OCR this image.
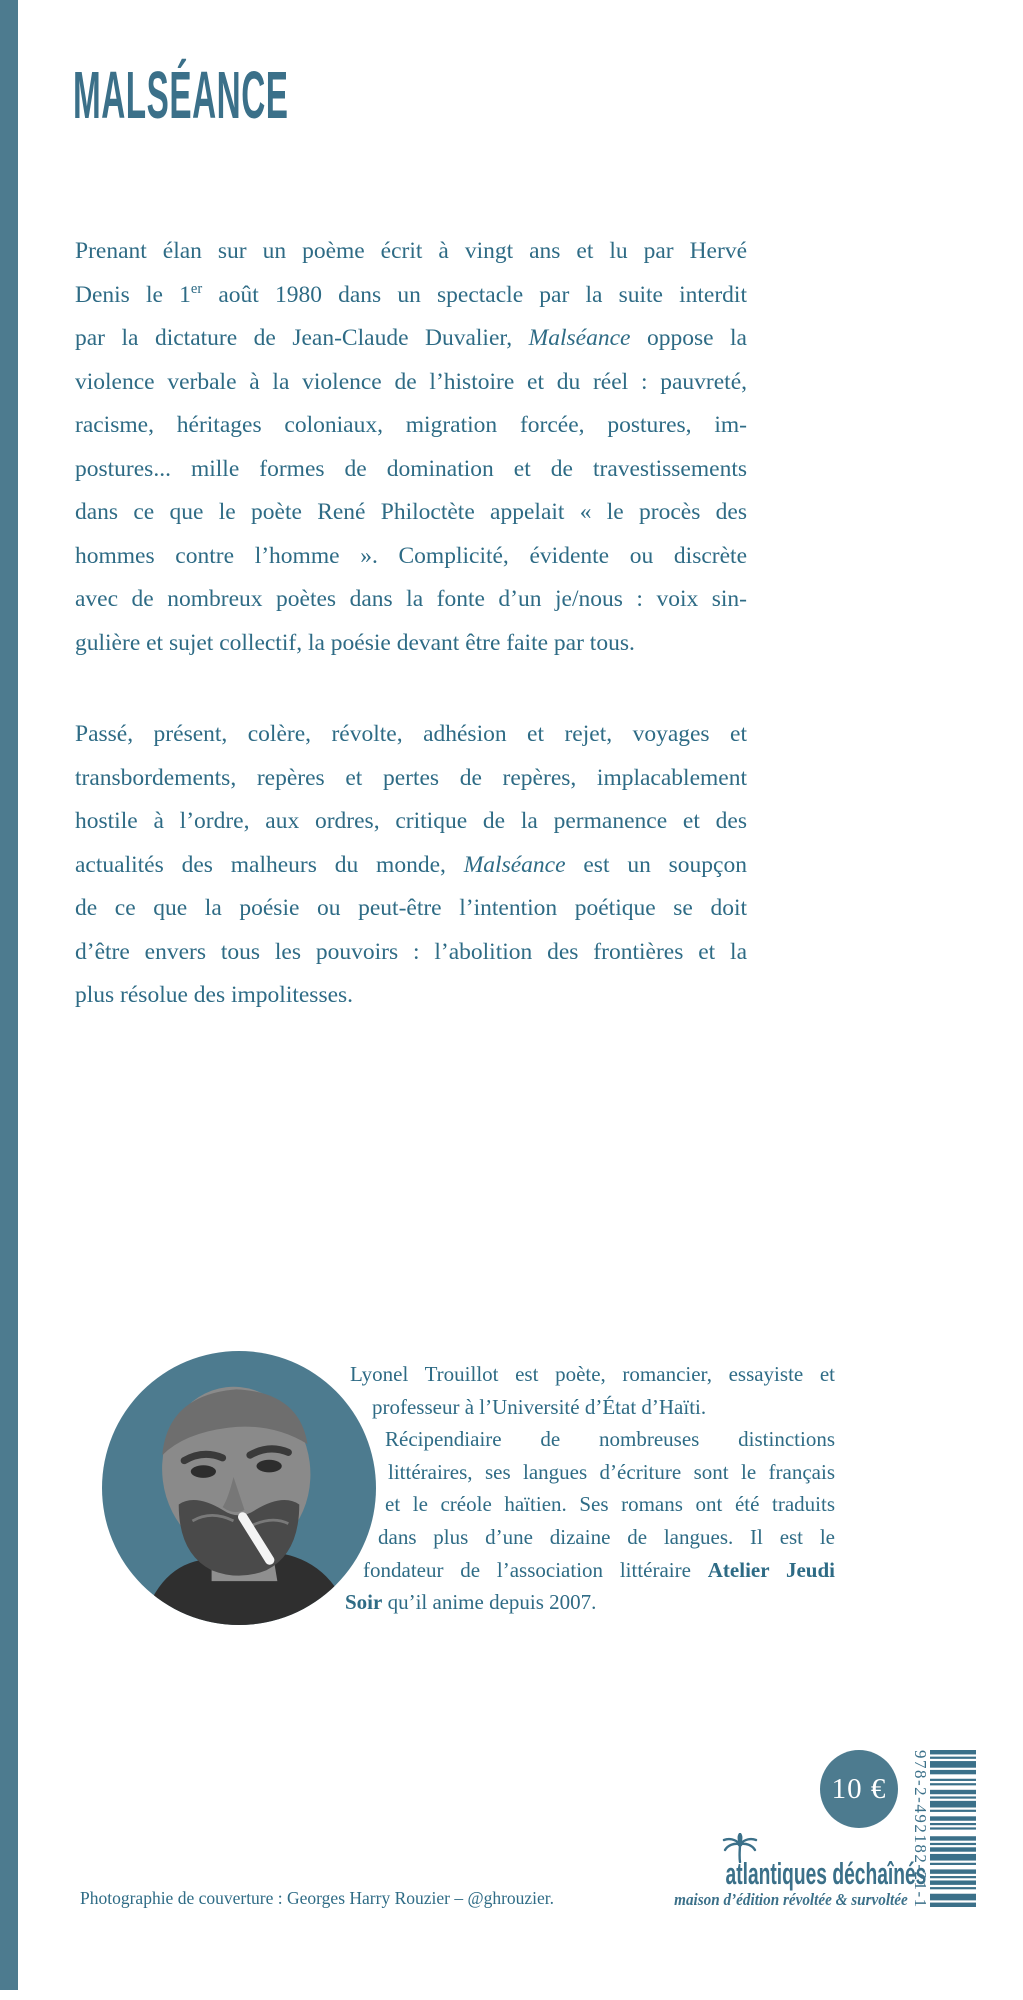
MALSÉANCE
Prenant élan sur un poème écrit à vingt ans et lu par Hervé
Denis le 1er août 1980 dans un spectacle par la suite interdit
par la dictature de Jean-Claude Duvalier, Malséance oppose la
violence verbale à la violence de l’histoire et du réel : pauvreté,
racisme, héritages coloniaux, migration forcée, postures, im-
postures... mille formes de domination et de travestissements
dans ce que le poète René Philoctète appelait « le procès des
hommes contre l’homme ». Complicité, évidente ou discrète
avec de nombreux poètes dans la fonte d’un je/nous : voix sin-
gulière et sujet collectif, la poésie devant être faite par tous.
Passé, présent, colère, révolte, adhésion et rejet, voyages et
transbordements, repères et pertes de repères, implacablement
hostile à l’ordre, aux ordres, critique de la permanence et des
actualités des malheurs du monde, Malséance est un soupçon
de ce que la poésie ou peut-être l’intention poétique se doit
d’être envers tous les pouvoirs : l’abolition des frontières et la
plus résolue des impolitesses.
Lyonel Trouillot est poète, romancier, essayiste et
professeur à l’Université d’État d’Haïti.
Récipendiaire de nombreuses distinctions
littéraires, ses langues d’écriture sont le français
et le créole haïtien. Ses romans ont été traduits
dans plus d’une dizaine de langues. Il est le
fondateur de l’association littéraire Atelier Jeudi
Soir qu’il anime depuis 2007.
10 €
atlantiques déchaînés
maison d’édition révoltée & survoltée 978-2-492182-21-1
Photographie de couverture : Georges Harry Rouzier – @ghrouzier.
